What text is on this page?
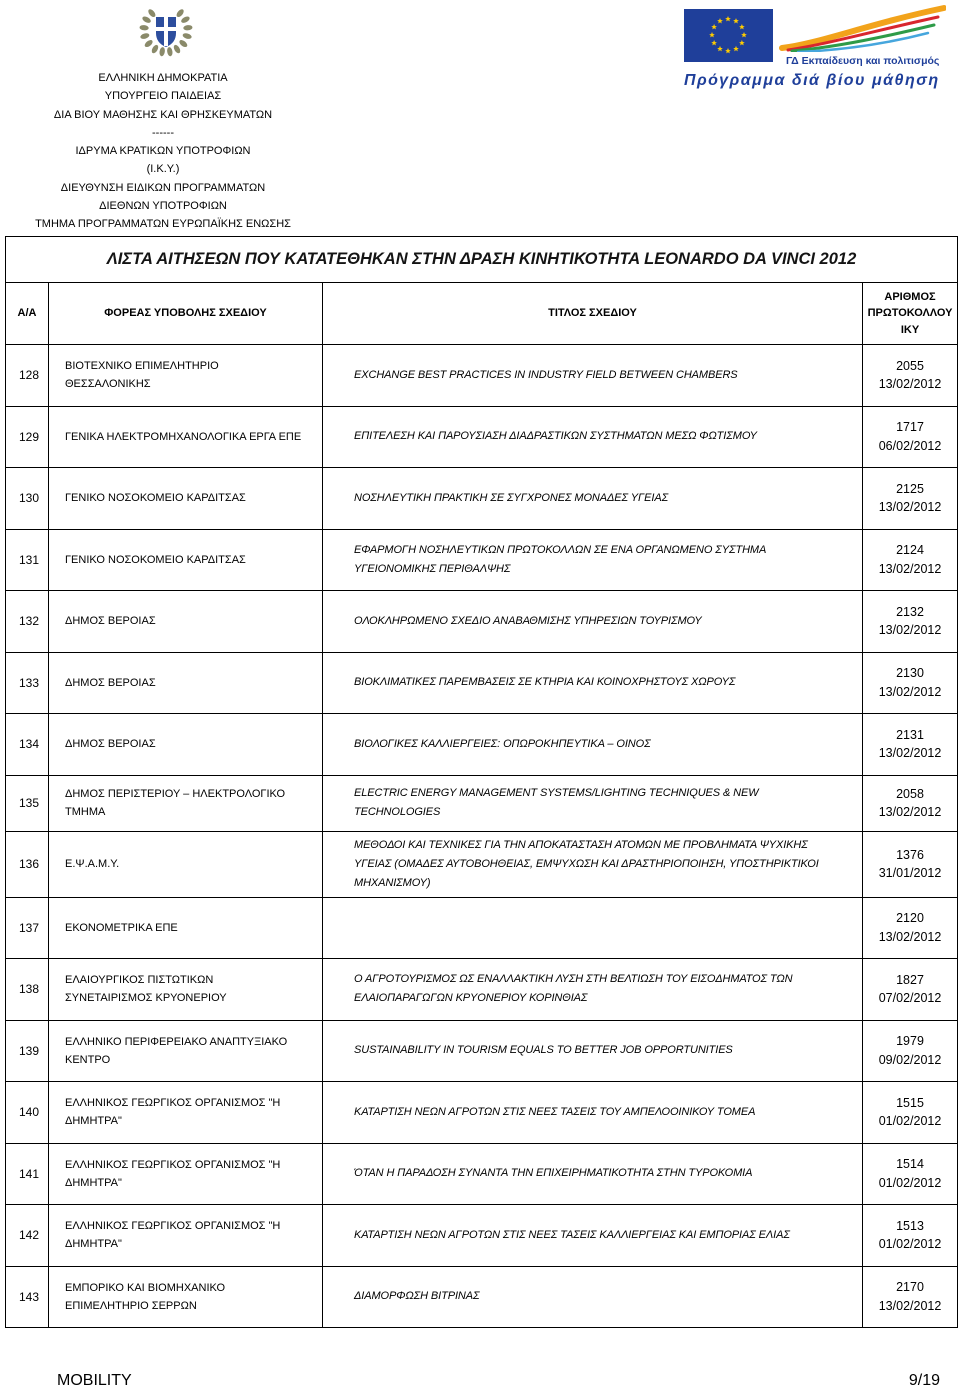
ΕΛΛΗΝΙΚΗ ΔΗΜΟΚΡΑΤΙΑ
ΥΠΟΥΡΓΕΙΟ ΠΑΙΔΕΙΑΣ
ΔΙΑ ΒΙΟΥ ΜΑΘΗΣΗΣ ΚΑΙ ΘΡΗΣΚΕΥΜΑΤΩΝ
------
ΙΔΡΥΜΑ ΚΡΑΤΙΚΩΝ ΥΠΟΤΡΟΦΙΩΝ
(Ι.Κ.Υ.)
ΔΙΕΥΘΥΝΣΗ ΕΙΔΙΚΩΝ ΠΡΟΓΡΑΜΜΑΤΩΝ
ΔΙΕΘΝΩΝ ΥΠΟΤΡΟΦΙΩΝ
ΤΜΗΜΑ ΠΡΟΓΡΑΜΜΑΤΩΝ ΕΥΡΩΠΑΪΚΗΣ ΕΝΩΣΗΣ
ΓΔ Εκπαίδευση και πολιτισμός
Πρόγραμμα διά βίου μάθηση
ΛΙΣΤΑ ΑΙΤΗΣΕΩΝ ΠΟΥ ΚΑΤΑΤΕΘΗΚΑΝ ΣΤΗΝ ΔΡΑΣΗ ΚΙΝΗΤΙΚΟΤΗΤΑ LEONARDO DA VINCI 2012			

Α/Α	ΦΟΡΕΑΣ ΥΠΟΒΟΛΗΣ ΣΧΕΔΙΟΥ	ΤΙΤΛΟΣ ΣΧΕΔΙΟΥ	ΑΡΙΘΜΟΣ
ΠΡΩΤΟΚΟΛΛΟΥ
ΙΚΥ

128	ΒΙΟΤΕΧΝΙΚΟ ΕΠΙΜΕΛΗΤΗΡΙΟ
ΘΕΣΣΑΛΟΝΙΚΗΣ	EXCHANGE BEST PRACTICES IN INDUSTRY FIELD BETWEEN CHAMBERS	2055
13/02/2012

129	ΓΕΝΙΚΑ ΗΛΕΚΤΡΟΜΗΧΑΝΟΛΟΓΙΚΑ ΕΡΓΑ ΕΠΕ	ΕΠΙΤΕΛΕΣΗ ΚΑΙ ΠΑΡΟΥΣΙΑΣΗ ΔΙΑΔΡΑΣΤΙΚΩΝ ΣΥΣΤΗΜΑΤΩΝ ΜΕΣΩ ΦΩΤΙΣΜΟΥ	1717
06/02/2012

130	ΓΕΝΙΚΟ ΝΟΣΟΚΟΜΕΙΟ ΚΑΡΔΙΤΣΑΣ	ΝΟΣΗΛΕΥΤΙΚΗ ΠΡΑΚΤΙΚΗ ΣΕ ΣΥΓΧΡΟΝΕΣ ΜΟΝΑΔΕΣ ΥΓΕΙΑΣ	2125
13/02/2012

131	ΓΕΝΙΚΟ ΝΟΣΟΚΟΜΕΙΟ ΚΑΡΔΙΤΣΑΣ	ΕΦΑΡΜΟΓΗ ΝΟΣΗΛΕΥΤΙΚΩΝ ΠΡΩΤΟΚΟΛΛΩΝ ΣΕ ΕΝΑ ΟΡΓΑΝΩΜΕΝΟ ΣΥΣΤΗΜΑ
ΥΓΕΙΟΝΟΜΙΚΗΣ ΠΕΡΙΘΑΛΨΗΣ	2124
13/02/2012

132	ΔΗΜΟΣ ΒΕΡΟΙΑΣ	ΟΛΟΚΛΗΡΩΜΕΝΟ ΣΧΕΔΙΟ ΑΝΑΒΑΘΜΙΣΗΣ ΥΠΗΡΕΣΙΩΝ ΤΟΥΡΙΣΜΟΥ	2132
13/02/2012

133	ΔΗΜΟΣ ΒΕΡΟΙΑΣ	ΒΙΟΚΛΙΜΑΤΙΚΕΣ ΠΑΡΕΜΒΑΣΕΙΣ ΣΕ ΚΤΗΡΙΑ ΚΑΙ ΚΟΙΝΟΧΡΗΣΤΟΥΣ ΧΩΡΟΥΣ	2130
13/02/2012

134	ΔΗΜΟΣ ΒΕΡΟΙΑΣ	ΒΙΟΛΟΓΙΚΕΣ ΚΑΛΛΙΕΡΓΕΙΕΣ: ΟΠΩΡΟΚΗΠΕΥΤΙΚΑ – ΟΙΝΟΣ	2131
13/02/2012

135	ΔΗΜΟΣ ΠΕΡΙΣΤΕΡΙΟΥ – ΗΛΕΚΤΡΟΛΟΓΙΚΟ
ΤΜΗΜΑ	ELECTRIC ENERGY MANAGEMENT SYSTEMS/LIGHTING TECHNIQUES & NEW
TECHNOLOGIES	2058
13/02/2012

136	Ε.Ψ.Α.Μ.Υ.	ΜΕΘΟΔΟΙ ΚΑΙ ΤΕΧΝΙΚΕΣ ΓΙΑ ΤΗΝ ΑΠΟΚΑΤΑΣΤΑΣΗ ΑΤΟΜΩΝ ΜΕ ΠΡΟΒΛΗΜΑΤΑ ΨΥΧΙΚΗΣ
ΥΓΕΙΑΣ (ΟΜΑΔΕΣ ΑΥΤΟΒΟΗΘΕΙΑΣ, ΕΜΨΥΧΩΣΗ ΚΑΙ ΔΡΑΣΤΗΡΙΟΠΟΙΗΣΗ, ΥΠΟΣΤΗΡΙΚΤΙΚΟΙ
ΜΗΧΑΝΙΣΜΟΥ)	1376
31/01/2012

137	ΕΚΟΝΟΜΕΤΡΙΚΑ ΕΠΕ		2120
13/02/2012

138	ΕΛΑΙΟΥΡΓΙΚΟΣ ΠΙΣΤΩΤΙΚΩΝ
ΣΥΝΕΤΑΙΡΙΣΜΟΣ ΚΡΥΟΝΕΡΙΟΥ	Ο ΑΓΡΟΤΟΥΡΙΣΜΟΣ ΩΣ ΕΝΑΛΛΑΚΤΙΚΗ ΛΥΣΗ ΣΤΗ ΒΕΛΤΙΩΣΗ ΤΟΥ ΕΙΣΟΔΗΜΑΤΟΣ ΤΩΝ
ΕΛΑΙΟΠΑΡΑΓΩΓΩΝ ΚΡΥΟΝΕΡΙΟΥ ΚΟΡΙΝΘΙΑΣ	1827
07/02/2012

139	ΕΛΛΗΝΙΚΟ ΠΕΡΙΦΕΡΕΙΑΚΟ ΑΝΑΠΤΥΞΙΑΚΟ
ΚΕΝΤΡΟ	SUSTAINABILITY IN TOURISM EQUALS TO BETTER JOB OPPORTUNITIES	1979
09/02/2012

140	ΕΛΛΗΝΙΚΟΣ ΓΕΩΡΓΙΚΟΣ ΟΡΓΑΝΙΣΜΟΣ "Η
ΔΗΜΗΤΡΑ"	ΚΑΤΑΡΤΙΣΗ ΝΕΩΝ ΑΓΡΟΤΩΝ ΣΤΙΣ ΝΕΕΣ ΤΑΣΕΙΣ ΤΟΥ ΑΜΠΕΛΟΟΙΝΙΚΟΥ ΤΟΜΕΑ	1515
01/02/2012

141	ΕΛΛΗΝΙΚΟΣ ΓΕΩΡΓΙΚΟΣ ΟΡΓΑΝΙΣΜΟΣ "Η
ΔΗΜΗΤΡΑ"	ΌΤΑΝ Η ΠΑΡΑΔΟΣΗ ΣΥΝΑΝΤΑ ΤΗΝ ΕΠΙΧΕΙΡΗΜΑΤΙΚΟΤΗΤΑ ΣΤΗΝ ΤΥΡΟΚΟΜΙΑ	1514
01/02/2012

142	ΕΛΛΗΝΙΚΟΣ ΓΕΩΡΓΙΚΟΣ ΟΡΓΑΝΙΣΜΟΣ "Η
ΔΗΜΗΤΡΑ"	ΚΑΤΑΡΤΙΣΗ ΝΕΩΝ ΑΓΡΟΤΩΝ ΣΤΙΣ ΝΕΕΣ ΤΑΣΕΙΣ ΚΑΛΛΙΕΡΓΕΙΑΣ ΚΑΙ ΕΜΠΟΡΙΑΣ ΕΛΙΑΣ	1513
01/02/2012

143	ΕΜΠΟΡΙΚΟ ΚΑΙ ΒΙΟΜΗΧΑΝΙΚΟ
ΕΠΙΜΕΛΗΤΗΡΙΟ ΣΕΡΡΩΝ	ΔΙΑΜΟΡΦΩΣΗ ΒΙΤΡΙΝΑΣ	2170
13/02/2012
MOBILITY	9/19
